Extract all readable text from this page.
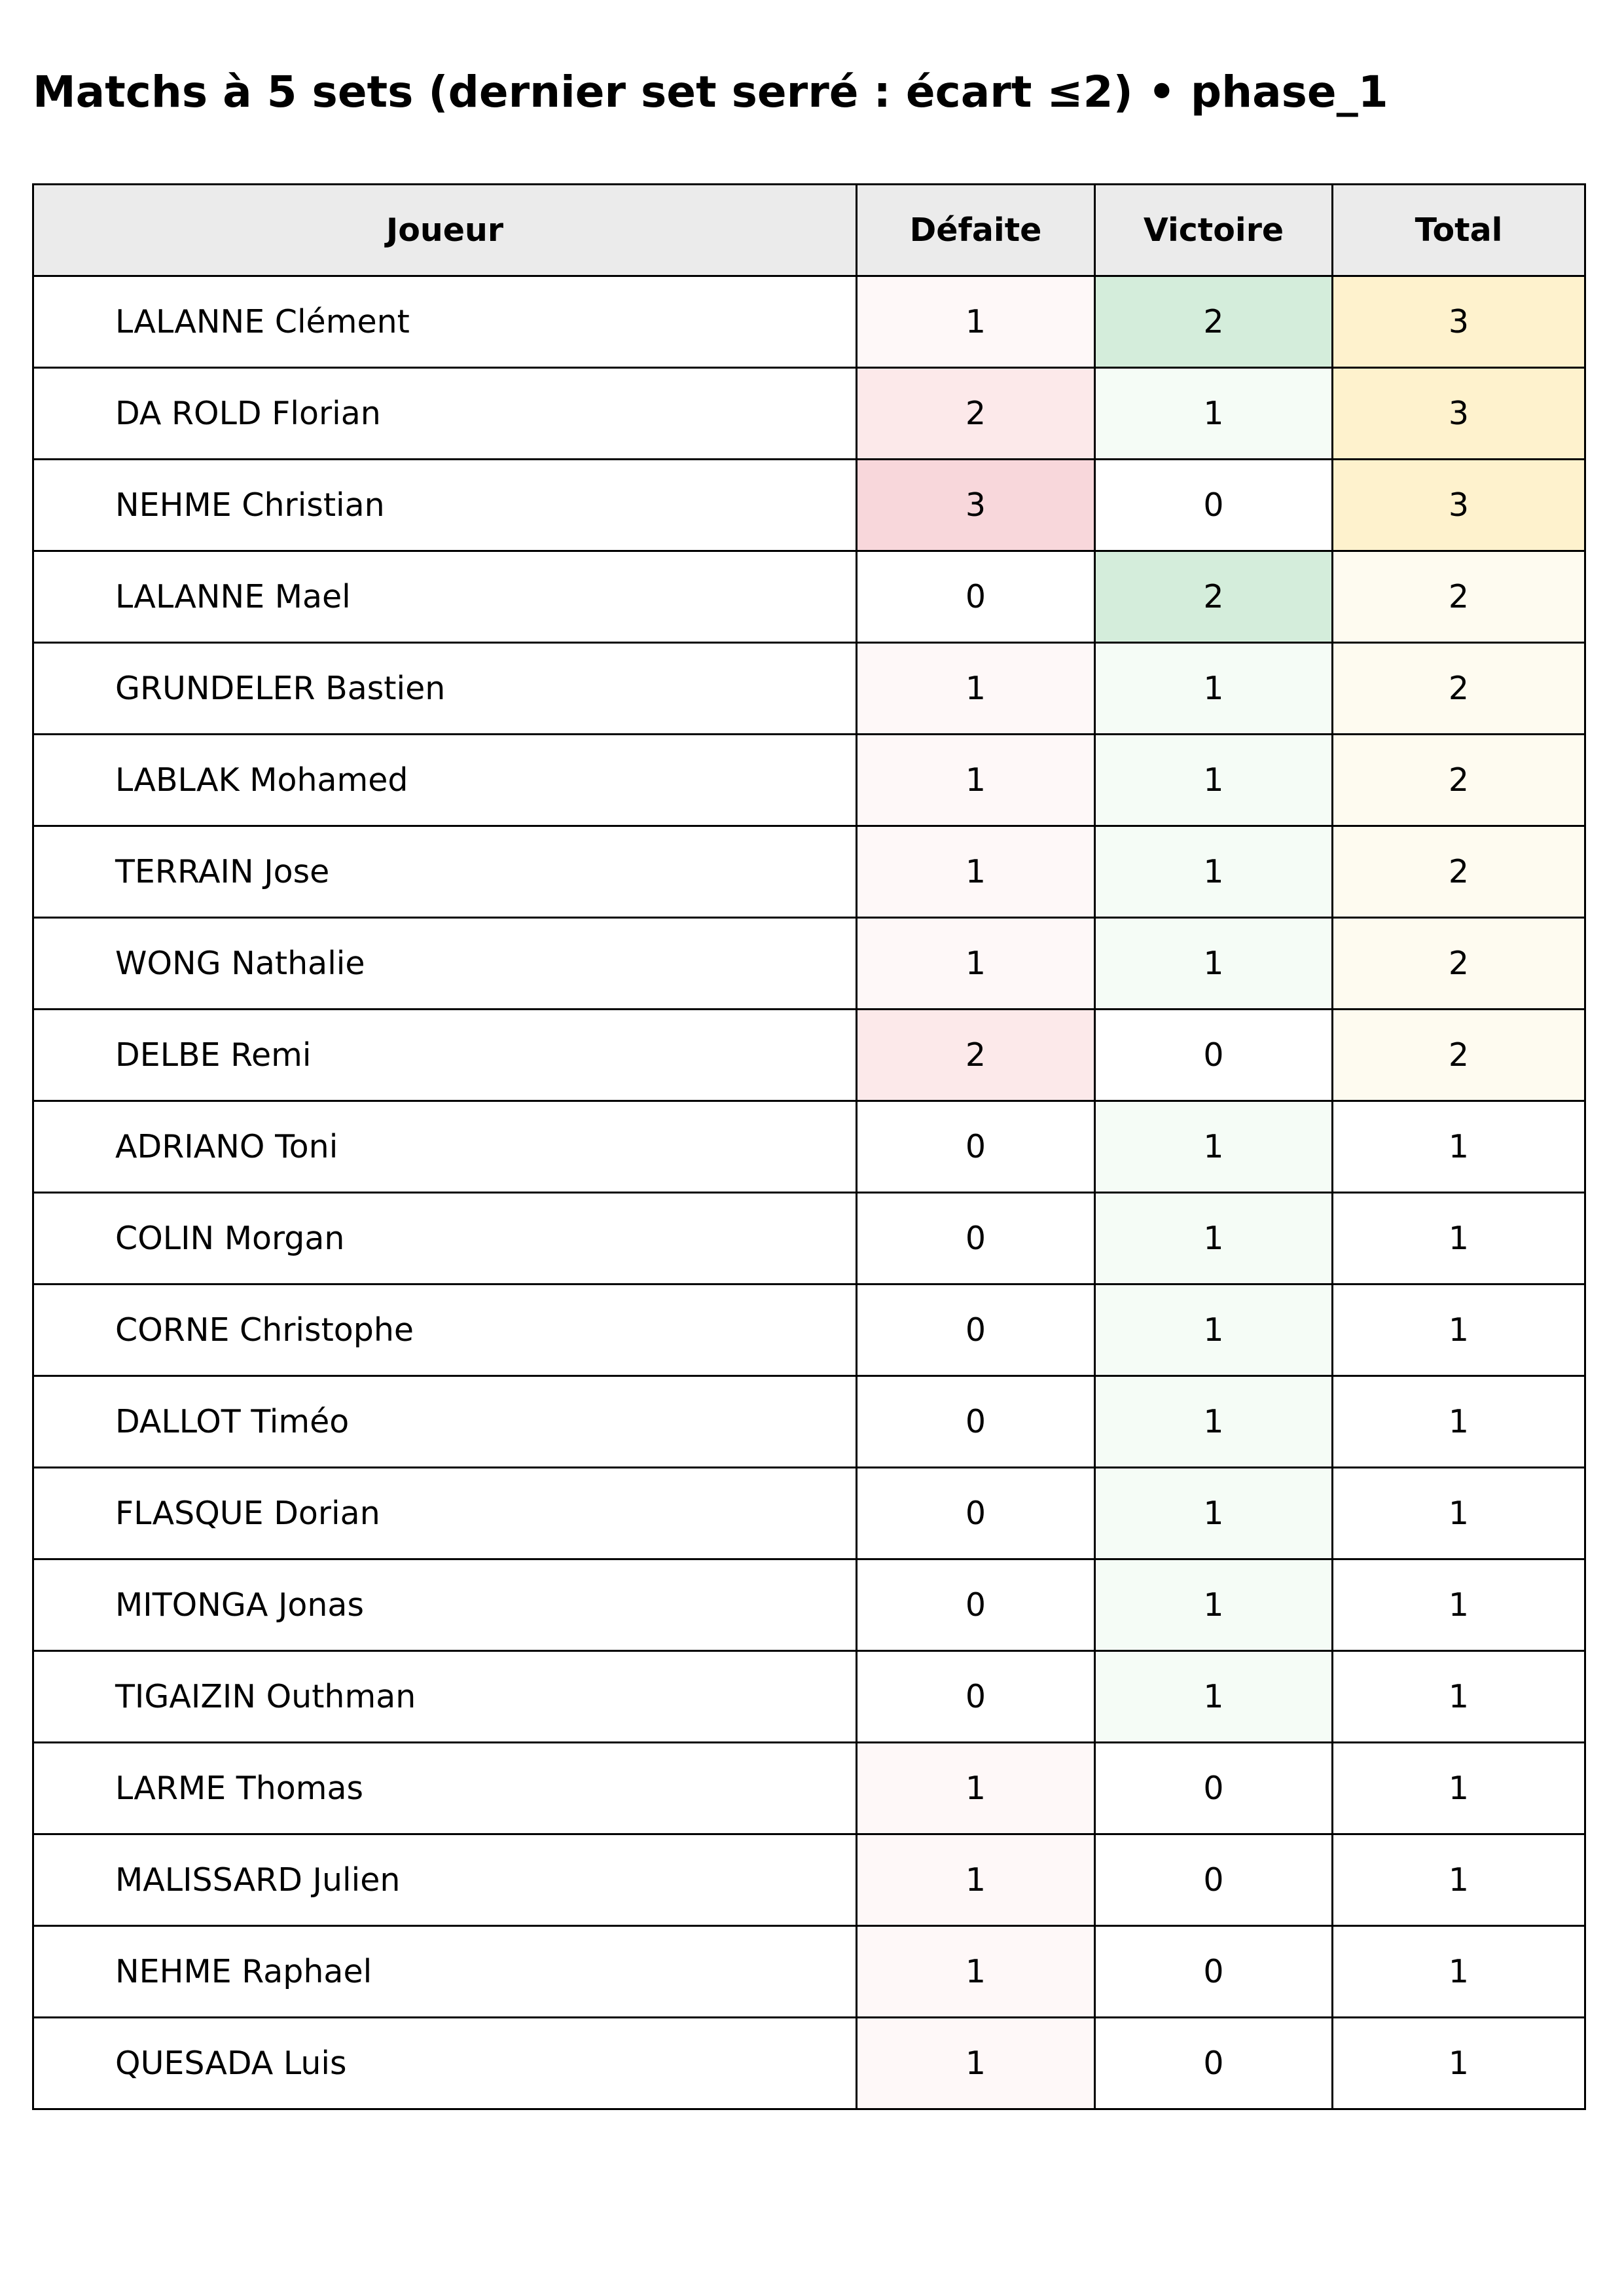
Matchs à 5 sets (dernier set serré : écart ≤2) • phase_1
Joueur	Défaite	Victoire	Total
LALANNE Clément	1	2	3
DA ROLD Florian	2	1	3
NEHME Christian	3	0	3
LALANNE Mael	0	2	2
GRUNDELER Bastien	1	1	2
LABLAK Mohamed	1	1	2
TERRAIN Jose	1	1	2
WONG Nathalie	1	1	2
DELBE Remi	2	0	2
ADRIANO Toni	0	1	1
COLIN Morgan	0	1	1
CORNE Christophe	0	1	1
DALLOT Timéo	0	1	1
FLASQUE Dorian	0	1	1
MITONGA Jonas	0	1	1
TIGAIZIN Outhman	0	1	1
LARME Thomas	1	0	1
MALISSARD Julien	1	0	1
NEHME Raphael	1	0	1
QUESADA Luis	1	0	1
